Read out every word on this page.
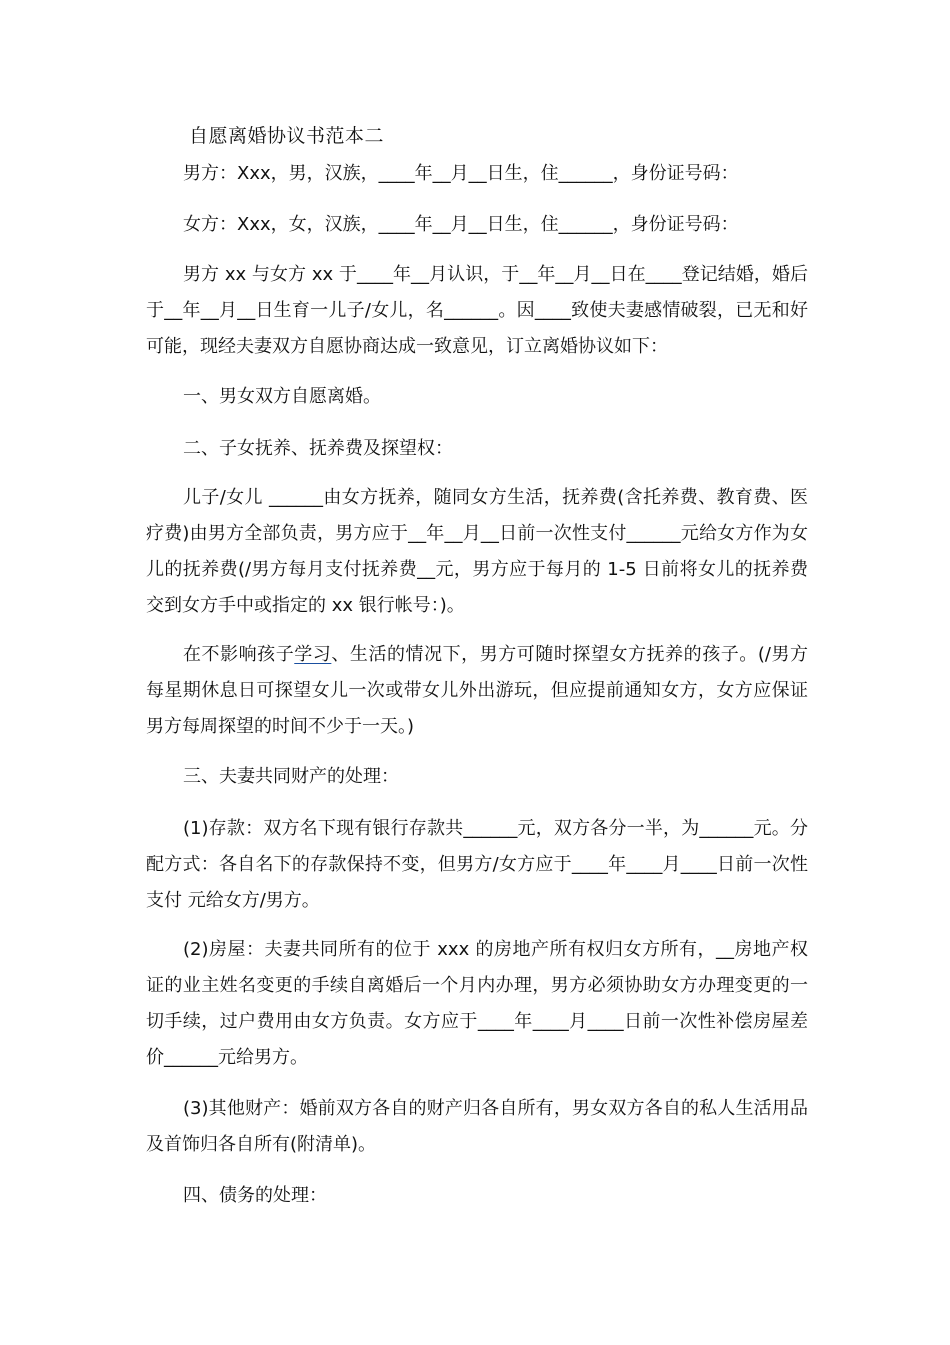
自愿离婚协议书范本二

男方：Xxx，男，汉族，____年__月__日生，住______，身份证号码：

女方：Xxx，女，汉族，____年__月__日生，住______，身份证号码：

男方 xx 与女方 xx 于____年__月认识，于__年__月__日在____登记结婚，婚后于__年__月__日生育一儿子/女儿，名______。因____致使夫妻感情破裂，已无和好可能，现经夫妻双方自愿协商达成一致意见，订立离婚协议如下：

一、男女双方自愿离婚。

二、子女抚养、抚养费及探望权：

儿子/女儿 ______由女方抚养，随同女方生活，抚养费(含托养费、教育费、医疗费)由男方全部负责，男方应于__年__月__日前一次性支付______元给女方作为女儿的抚养费(/男方每月支付抚养费__元，男方应于每月的 1-5 日前将女儿的抚养费交到女方手中或指定的 xx 银行帐号：)。

在不影响孩子学习、生活的情况下，男方可随时探望女方抚养的孩子。(/男方每星期休息日可探望女儿一次或带女儿外出游玩，但应提前通知女方，女方应保证男方每周探望的时间不少于一天。)

三、夫妻共同财产的处理：

(1)存款：双方名下现有银行存款共______元，双方各分一半，为______元。分配方式：各自名下的存款保持不变，但男方/女方应于____年____月____日前一次性支付 元给女方/男方。

(2)房屋：夫妻共同所有的位于 xxx 的房地产所有权归女方所有，__房地产权证的业主姓名变更的手续自离婚后一个月内办理，男方必须协助女方办理变更的一切手续，过户费用由女方负责。女方应于____年____月____日前一次性补偿房屋差价______元给男方。

(3)其他财产：婚前双方各自的财产归各自所有，男女双方各自的私人生活用品及首饰归各自所有(附清单)。

四、债务的处理：
